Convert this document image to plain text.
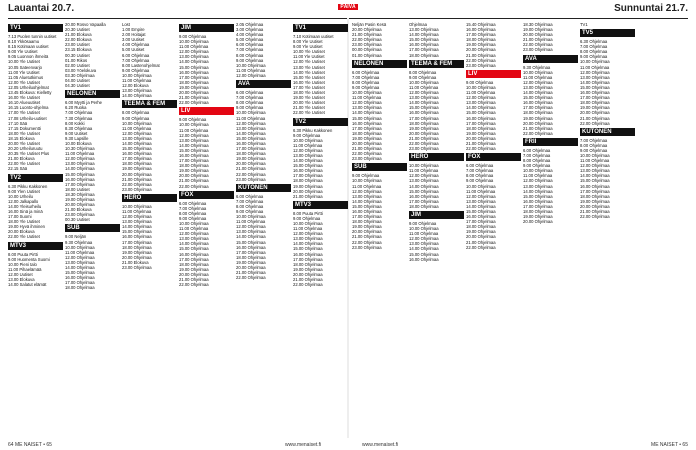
Lauantai 20.7.	PÄIVÄ	Sunnuntai 21.7.
TV1
7.13 Puolen tunnin uutiset
8.10 Ykkösaamu
8.15 Kotimaan uutiset
9.00 Yle Uutiset
9.05 Luonnon ihmeitä
10.00 Yle Uutiset
10.05 Sateenvarjo
11.00 Yle Uutiset
11.05 Aluetutkimus
12.00 Yle Uutiset
12.05 Urheiluohjelmat
13.45 Elokuva: Kielletty
16.00 Yle Uutiset
16.10 Alueuutiset
16.15 Luonto-ohjelma
17.00 Yle Uutiset
17.08 Urheilu-uutiset
17.10 Sää
17.15 Dokumentti
18.00 Yle Uutiset
18.15 Elokuva
20.00 Yle Uutiset
20.20 Urheiluruutu
20.35 Yle Uutiset Plus
21.00 Elokuva
22.00 Yle Uutiset
22.15 Sää
TV2
6.30 Pikku Kakkonen
9.00 Ylen Uutiset
10.00 Urheilu
12.00 Jalkapallo
14.00 Yleisurheilu
16.00 Sinä ja minä
17.00 Suomi
18.00 Yle Uutiset
19.00 Hyvä ihminen
20.00 Elokuva
22.00 Yle Uutiset
MTV3
8.00 Puuta Pirtti
9.00 Huomenta Suomi
10.00 Pieni talo
11.00 Pihaelämää
12.00 Uutiset
13.00 Elokuva
14.00 Salatut elämät
20.00 Rosvo Vapaalla
20.30 Uutiset
21.00 Elokuva
22.00 Elokuva
23.00 Uutiset
23.15 Elokuva
00.30 Uutiset
01.00 Rikos
02.00 Uutiset
03.00 Yöelokuva
03.30 Ohjelmaa
04.00 Uutiset
04.30 Uutiset
NELONEN
6.00 Myytti ja Perhe
6.20 Ruoka
7.00 Ohjelmaa
7.30 Ohjelmaa
8.00 Kokki
8.30 Ohjelmaa
9.00 Uutiset
9.30 Lapsille
10.00 Elokuva
10.30 Ohjelmaa
11.00 Ohjelmaa
12.00 Ohjelmaa
13.00 Ohjelmaa
14.00 Ohjelmaa
15.00 Ohjelmaa
16.00 Ohjelmaa
17.00 Ohjelmaa
18.00 Uutiset
18.30 Ohjelmaa
19.00 Ohjelmaa
20.00 Ohjelmaa
21.00 Elokuva
23.00 Ohjelmaa
00.30 Uutiset
SUB
9.00 Neljän
9.30 Ohjelmaa
10.00 Ohjelmaa
11.00 Ohjelmaa
12.00 Ohjelmaa
13.00 Ohjelmaa
14.00 Ohjelmaa
15.00 Ohjelmaa
16.00 Ohjelmaa
17.00 Ohjelmaa
18.00 Ohjelmaa
Lost
1.00 Empire
2.00 Hoitajat
3.00 Uutiset
4.00 Ohjelmaa
5.00 Uutiset
6.00 Ohjelmaa
7.00 Ohjelmaa
8.00 Lastenohjelmat
9.00 Ohjelmaa
10.00 Ohjelmaa
11.00 Ohjelmaa
12.00 Elokuva
13.00 Ohjelmaa
14.00 Ohjelmaa
TEEMA & FEM
8.00 Ohjelmaa
9.00 Ohjelmaa
10.00 Ohjelmaa
11.00 Ohjelmaa
12.00 Ohjelmaa
13.00 Ohjelmaa
14.00 Ohjelmaa
15.00 Ohjelmaa
16.00 Ohjelmaa
17.00 Ohjelmaa
18.00 Ohjelmaa
19.00 Ohjelmaa
20.00 Ohjelmaa
21.00 Ohjelmaa
22.00 Ohjelmaa
23.00 Ohjelmaa
HERO
10.00 Ohjelmaa
11.00 Ohjelmaa
12.00 Ohjelmaa
13.00 Ohjelmaa
14.00 Ohjelmaa
15.00 Ohjelmaa
16.00 Ohjelmaa
17.00 Ohjelmaa
18.00 Ohjelmaa
19.00 Ohjelmaa
20.00 Ohjelmaa
21.00 Elokuva
23.00 Ohjelmaa
JIM
9.00 Ohjelmaa
10.00 Ohjelmaa
11.00 Ohjelmaa
12.00 Ohjelmaa
13.00 Ohjelmaa
14.00 Ohjelmaa
15.00 Ohjelmaa
16.00 Ohjelmaa
17.00 Ohjelmaa
18.00 Ohjelmaa
19.00 Ohjelmaa
20.00 Ohjelmaa
21.00 Ohjelmaa
22.00 Ohjelmaa
LIV
9.00 Ohjelmaa
10.00 Ohjelmaa
11.00 Ohjelmaa
12.00 Ohjelmaa
13.00 Ohjelmaa
14.00 Ohjelmaa
15.00 Ohjelmaa
16.00 Ohjelmaa
17.00 Ohjelmaa
18.00 Ohjelmaa
19.00 Ohjelmaa
20.00 Ohjelmaa
21.00 Ohjelmaa
22.00 Ohjelmaa
FOX
6.00 Ohjelmaa
7.00 Ohjelmaa
8.00 Ohjelmaa
9.00 Ohjelmaa
10.00 Ohjelmaa
11.00 Ohjelmaa
12.00 Ohjelmaa
13.00 Ohjelmaa
14.00 Ohjelmaa
15.00 Ohjelmaa
16.00 Ohjelmaa
17.00 Ohjelmaa
18.00 Ohjelmaa
19.00 Ohjelmaa
20.00 Ohjelmaa
21.00 Ohjelmaa
22.00 Ohjelmaa
2.05 Ohjelmaa
3.00 Ohjelmaa
4.00 Ohjelmaa
5.00 Ohjelmaa
6.00 Ohjelmaa
7.00 Ohjelmaa
8.00 Ohjelmaa
9.00 Ohjelmaa
10.00 Ohjelmaa
11.00 Ohjelmaa
12.00 Ohjelmaa
AVA
6.00 Ohjelmaa
7.00 Ohjelmaa
8.00 Ohjelmaa
9.00 Ohjelmaa
10.00 Ohjelmaa
11.00 Ohjelmaa
12.00 Ohjelmaa
13.00 Ohjelmaa
14.00 Ohjelmaa
15.00 Ohjelmaa
16.00 Ohjelmaa
17.00 Ohjelmaa
18.00 Ohjelmaa
19.00 Ohjelmaa
20.00 Ohjelmaa
21.00 Ohjelmaa
22.00 Ohjelmaa
23.00 Ohjelmaa
KUTONEN
6.00 Ohjelmaa
7.00 Ohjelmaa
8.00 Ohjelmaa
9.00 Ohjelmaa
10.00 Ohjelmaa
11.00 Ohjelmaa
12.00 Ohjelmaa
13.00 Ohjelmaa
14.00 Ohjelmaa
15.00 Ohjelmaa
16.00 Ohjelmaa
17.00 Ohjelmaa
18.00 Ohjelmaa
19.00 Ohjelmaa
20.00 Ohjelmaa
21.00 Ohjelmaa
22.00 Ohjelmaa
TV1
7.10 Kotimaan uutiset
8.00 Yle Uutiset
9.00 Yle Uutiset
10.00 Yle Uutiset
11.00 Yle Uutiset
12.00 Yle Uutiset
13.00 Yle Uutiset
14.00 Yle Uutiset
15.00 Yle Uutiset
16.00 Yle Uutiset
17.00 Yle Uutiset
18.00 Yle Uutiset
19.00 Yle Uutiset
20.00 Yle Uutiset
21.00 Yle Uutiset
22.00 Yle Uutiset
TV2
6.30 Pikku Kakkonen
9.00 Ohjelmaa
10.00 Ohjelmaa
11.00 Ohjelmaa
12.00 Ohjelmaa
13.00 Ohjelmaa
14.00 Ohjelmaa
15.00 Ohjelmaa
16.00 Ohjelmaa
17.00 Ohjelmaa
18.00 Ohjelmaa
19.00 Ohjelmaa
20.00 Ohjelmaa
21.00 Ohjelmaa
MTV3
8.00 Puuta Pirtti
9.00 Ohjelmaa
10.00 Ohjelmaa
11.00 Ohjelmaa
12.00 Ohjelmaa
13.00 Ohjelmaa
14.00 Ohjelmaa
15.00 Ohjelmaa
16.00 Ohjelmaa
17.00 Ohjelmaa
18.00 Ohjelmaa
19.00 Ohjelmaa
20.00 Ohjelmaa
21.00 Ohjelmaa
22.00 Ohjelmaa
Neljän Pasin Kesä
20.00 Ohjelmaa
21.00 Ohjelmaa
22.00 Ohjelmaa
23.00 Ohjelmaa
00.00 Ohjelmaa
01.00 Ohjelmaa
NELONEN
6.00 Ohjelmaa
7.00 Ohjelmaa
8.00 Ohjelmaa
9.00 Ohjelmaa
10.00 Ohjelmaa
11.00 Ohjelmaa
12.00 Ohjelmaa
13.00 Ohjelmaa
14.00 Ohjelmaa
15.00 Ohjelmaa
16.00 Ohjelmaa
17.00 Ohjelmaa
18.00 Ohjelmaa
19.00 Ohjelmaa
20.00 Ohjelmaa
21.00 Ohjelmaa
22.00 Ohjelmaa
23.00 Ohjelmaa
SUB
9.00 Ohjelmaa
10.00 Ohjelmaa
11.00 Ohjelmaa
12.00 Ohjelmaa
13.00 Ohjelmaa
14.00 Ohjelmaa
15.00 Ohjelmaa
16.00 Ohjelmaa
17.00 Ohjelmaa
18.00 Ohjelmaa
19.00 Ohjelmaa
20.00 Ohjelmaa
21.00 Ohjelmaa
22.00 Ohjelmaa
23.00 Ohjelmaa
Ohjelmaa
13.00 Ohjelmaa
14.00 Ohjelmaa
15.00 Ohjelmaa
16.00 Ohjelmaa
17.00 Ohjelmaa
18.00 Ohjelmaa
TEEMA & FEM
8.00 Ohjelmaa
9.00 Ohjelmaa
10.00 Ohjelmaa
11.00 Ohjelmaa
12.00 Ohjelmaa
13.00 Ohjelmaa
14.00 Ohjelmaa
15.00 Ohjelmaa
16.00 Ohjelmaa
17.00 Ohjelmaa
18.00 Ohjelmaa
19.00 Ohjelmaa
20.00 Ohjelmaa
21.00 Ohjelmaa
22.00 Ohjelmaa
23.00 Ohjelmaa
HERO
10.00 Ohjelmaa
11.00 Ohjelmaa
12.00 Ohjelmaa
13.00 Ohjelmaa
14.00 Ohjelmaa
15.00 Ohjelmaa
16.00 Ohjelmaa
17.00 Ohjelmaa
18.00 Ohjelmaa
JIM
9.00 Ohjelmaa
10.00 Ohjelmaa
11.00 Ohjelmaa
12.00 Ohjelmaa
13.00 Ohjelmaa
14.00 Ohjelmaa
15.00 Ohjelmaa
16.00 Ohjelmaa
15.40 Ohjelmaa
16.00 Ohjelmaa
17.00 Ohjelmaa
18.00 Ohjelmaa
19.00 Ohjelmaa
20.00 Ohjelmaa
21.00 Ohjelmaa
22.00 Ohjelmaa
23.00 Ohjelmaa
LIV
9.00 Ohjelmaa
10.00 Ohjelmaa
11.00 Ohjelmaa
12.00 Ohjelmaa
13.00 Ohjelmaa
14.00 Ohjelmaa
15.00 Ohjelmaa
16.00 Ohjelmaa
17.00 Ohjelmaa
18.00 Ohjelmaa
19.00 Ohjelmaa
20.00 Ohjelmaa
21.00 Ohjelmaa
22.00 Ohjelmaa
FOX
6.00 Ohjelmaa
7.00 Ohjelmaa
8.00 Ohjelmaa
9.00 Ohjelmaa
10.00 Ohjelmaa
11.00 Ohjelmaa
12.00 Ohjelmaa
13.00 Ohjelmaa
14.00 Ohjelmaa
15.00 Ohjelmaa
16.00 Ohjelmaa
17.00 Ohjelmaa
18.00 Ohjelmaa
19.00 Ohjelmaa
20.00 Ohjelmaa
21.00 Ohjelmaa
22.00 Ohjelmaa
18.30 Ohjelmaa
19.00 Ohjelmaa
20.00 Ohjelmaa
21.00 Ohjelmaa
22.00 Ohjelmaa
23.00 Ohjelmaa
AVA
9.30 Ohjelmaa
10.00 Ohjelmaa
11.00 Ohjelmaa
12.00 Ohjelmaa
13.00 Ohjelmaa
14.00 Ohjelmaa
15.00 Ohjelmaa
16.00 Ohjelmaa
17.00 Ohjelmaa
18.00 Ohjelmaa
19.00 Ohjelmaa
20.00 Ohjelmaa
21.00 Ohjelmaa
22.00 Ohjelmaa
FRII
6.00 Ohjelmaa
7.00 Ohjelmaa
8.00 Ohjelmaa
9.00 Ohjelmaa
10.00 Ohjelmaa
11.00 Ohjelmaa
12.00 Ohjelmaa
13.00 Ohjelmaa
14.00 Ohjelmaa
15.00 Ohjelmaa
16.00 Ohjelmaa
17.00 Ohjelmaa
18.00 Ohjelmaa
19.00 Ohjelmaa
20.00 Ohjelmaa
TV1
TV5
6.30 Ohjelmaa
7.00 Ohjelmaa
8.00 Ohjelmaa
9.00 Ohjelmaa
10.00 Ohjelmaa
11.00 Ohjelmaa
12.00 Ohjelmaa
13.00 Ohjelmaa
14.00 Ohjelmaa
15.00 Ohjelmaa
16.00 Ohjelmaa
17.00 Ohjelmaa
18.00 Ohjelmaa
19.00 Ohjelmaa
20.00 Ohjelmaa
21.00 Ohjelmaa
22.00 Ohjelmaa
KUTONEN
7.00 Ohjelmaa
8.00 Ohjelmaa
9.00 Ohjelmaa
10.00 Ohjelmaa
11.00 Ohjelmaa
12.00 Ohjelmaa
13.00 Ohjelmaa
14.00 Ohjelmaa
15.00 Ohjelmaa
16.00 Ohjelmaa
17.00 Ohjelmaa
18.00 Ohjelmaa
19.00 Ohjelmaa
20.00 Ohjelmaa
21.00 Ohjelmaa
22.00 Ohjelmaa
64 ME NAISET • 65	www.menaiset.fi	www.menaiset.fi	ME NAISET • 65
